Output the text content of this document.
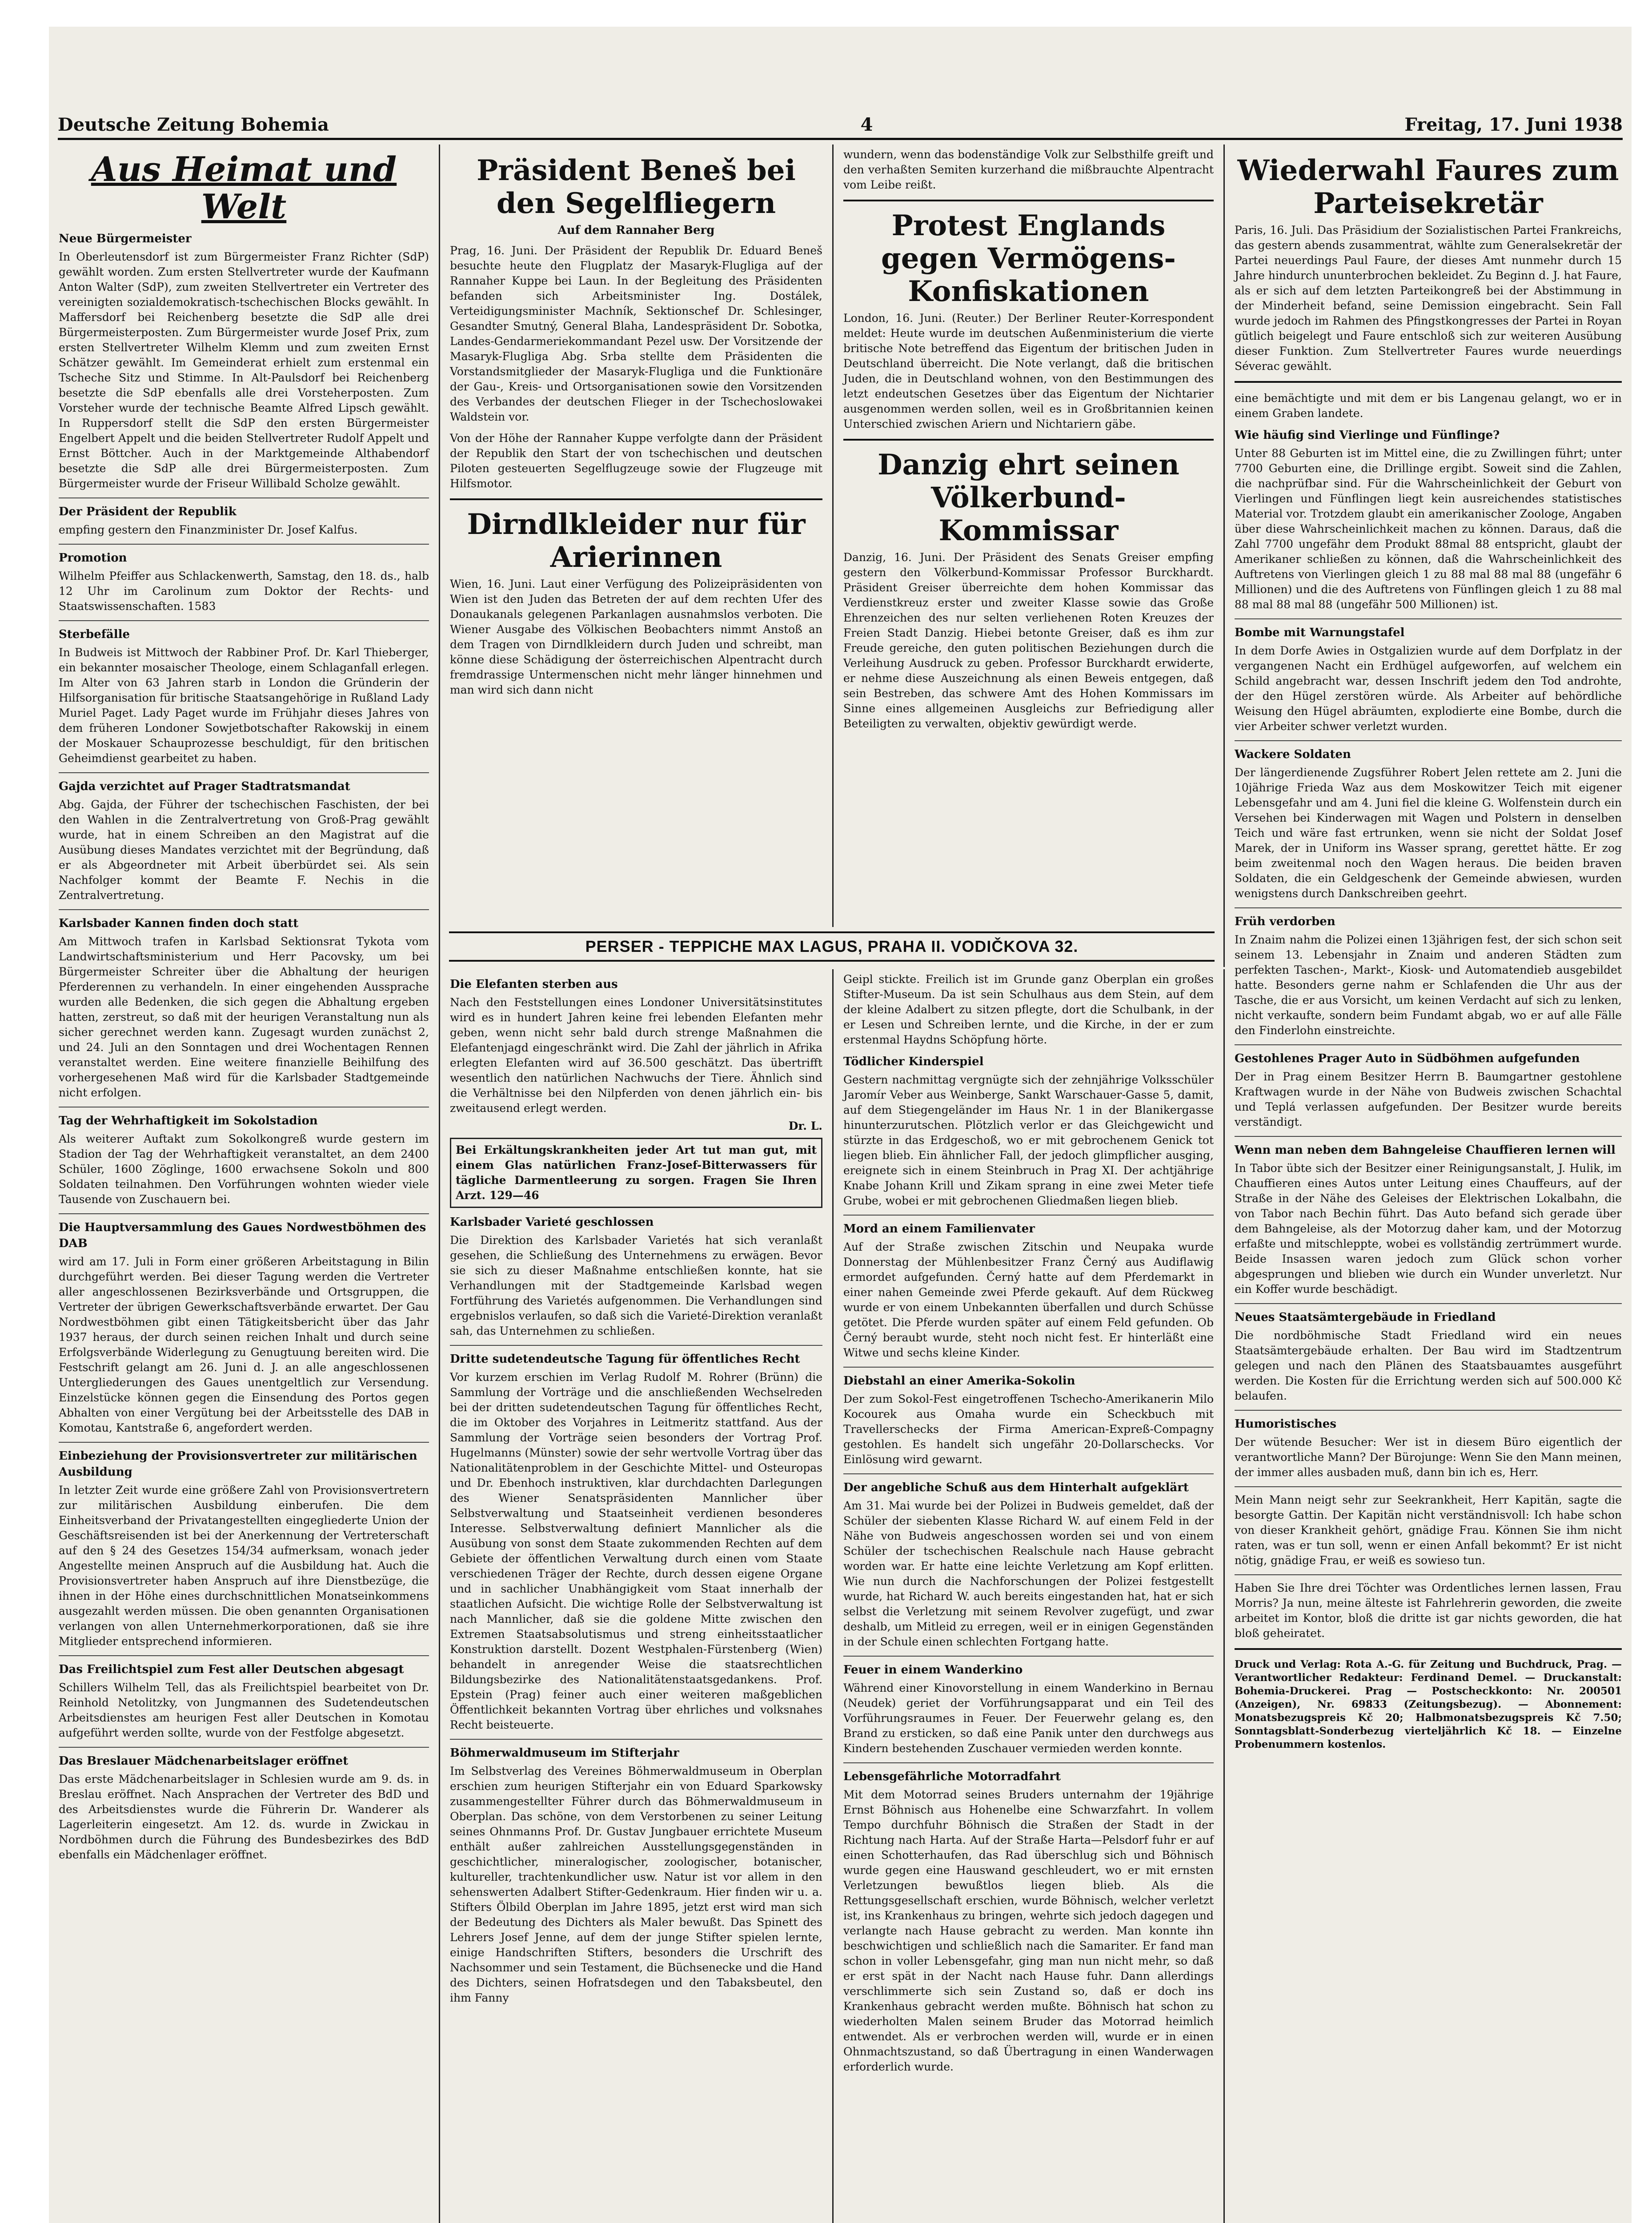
Deutsche Zeitung Bohemia	4	Freitag, 17. Juni 1938
Aus Heimat und Welt
Neue Bürgermeister

In Oberleutensdorf ist zum Bürgermeister Franz Richter (SdP) gewählt worden. Zum ersten Stellvertreter wurde der Kaufmann Anton Walter (SdP), zum zweiten Stellvertreter ein Vertreter des vereinigten sozialdemokratisch-tschechischen Blocks gewählt. In Maffersdorf bei Reichenberg besetzte die SdP alle drei Bürgermeisterposten. Zum Bürgermeister wurde Josef Prix, zum ersten Stellvertreter Wilhelm Klemm und zum zweiten Ernst Schätzer gewählt. Im Gemeinderat erhielt zum erstenmal ein Tscheche Sitz und Stimme. In Alt-Paulsdorf bei Reichenberg besetzte die SdP ebenfalls alle drei Vorsteherposten. Zum Vorsteher wurde der technische Beamte Alfred Lipsch gewählt. In Ruppersdorf stellt die SdP den ersten Bürgermeister Engelbert Appelt und die beiden Stellvertreter Rudolf Appelt und Ernst Böttcher. Auch in der Marktgemeinde Althabendorf besetzte die SdP alle drei Bürgermeisterposten. Zum Bürgermeister wurde der Friseur Willibald Scholze gewählt.

Der Präsident der Republik

empfing gestern den Finanzminister Dr. Josef Kalfus.

Promotion

Wilhelm Pfeiffer aus Schlackenwerth, Samstag, den 18. ds., halb 12 Uhr im Carolinum zum Doktor der Rechts- und Staatswissenschaften. 1583

Sterbefälle

In Budweis ist Mittwoch der Rabbiner Prof. Dr. Karl Thieberger, ein bekannter mosaischer Theologe, einem Schlaganfall erlegen. Im Alter von 63 Jahren starb in London die Gründerin der Hilfsorganisation für britische Staatsangehörige in Rußland Lady Muriel Paget. Lady Paget wurde im Frühjahr dieses Jahres von dem früheren Londoner Sowjetbotschafter Rakowskij in einem der Moskauer Schauprozesse beschuldigt, für den britischen Geheimdienst gearbeitet zu haben.

Gajda verzichtet auf Prager Stadtratsmandat

Abg. Gajda, der Führer der tschechischen Faschisten, der bei den Wahlen in die Zentralvertretung von Groß-Prag gewählt wurde, hat in einem Schreiben an den Magistrat auf die Ausübung dieses Mandates verzichtet mit der Begründung, daß er als Abgeordneter mit Arbeit überbürdet sei. Als sein Nachfolger kommt der Beamte F. Nechis in die Zentralvertretung.

Karlsbader Kannen finden doch statt

Am Mittwoch trafen in Karlsbad Sektionsrat Tykota vom Landwirtschaftsministerium und Herr Pacovsky, um bei Bürgermeister Schreiter über die Abhaltung der heurigen Pferderennen zu verhandeln. In einer eingehenden Aussprache wurden alle Bedenken, die sich gegen die Abhaltung ergeben hatten, zerstreut, so daß mit der heurigen Veranstaltung nun als sicher gerechnet werden kann. Zugesagt wurden zunächst 2, und 24. Juli an den Sonntagen und drei Wochentagen Rennen veranstaltet werden. Eine weitere finanzielle Beihilfung des vorhergesehenen Maß wird für die Karlsbader Stadtgemeinde nicht erfolgen.

Tag der Wehrhaftigkeit im Sokolstadion

Als weiterer Auftakt zum Sokolkongreß wurde gestern im Stadion der Tag der Wehrhaftigkeit veranstaltet, an dem 2400 Schüler, 1600 Zöglinge, 1600 erwachsene Sokoln und 800 Soldaten teilnahmen. Den Vorführungen wohnten wieder viele Tausende von Zuschauern bei.

Die Hauptversammlung des Gaues Nordwestböhmen des DAB

wird am 17. Juli in Form einer größeren Arbeitstagung in Bilin durchgeführt werden. Bei dieser Tagung werden die Vertreter aller angeschlossenen Bezirksverbände und Ortsgruppen, die Vertreter der übrigen Gewerkschaftsverbände erwartet. Der Gau Nordwestböhmen gibt einen Tätigkeitsbericht über das Jahr 1937 heraus, der durch seinen reichen Inhalt und durch seine Erfolgsverbände Widerlegung zu Genugtuung bereiten wird. Die Festschrift gelangt am 26. Juni d. J. an alle angeschlossenen Untergliederungen des Gaues unentgeltlich zur Versendung. Einzelstücke können gegen die Einsendung des Portos gegen Abhalten von einer Vergütung bei der Arbeitsstelle des DAB in Komotau, Kantstraße 6, angefordert werden.

Einbeziehung der Provisionsvertreter zur militärischen Ausbildung

In letzter Zeit wurde eine größere Zahl von Provisionsvertretern zur militärischen Ausbildung einberufen. Die dem Einheitsverband der Privatangestellten eingegliederte Union der Geschäftsreisenden ist bei der Anerkennung der Vertreterschaft auf den § 24 des Gesetzes 154/34 aufmerksam, wonach jeder Angestellte meinen Anspruch auf die Ausbildung hat. Auch die Provisionsvertreter haben Anspruch auf ihre Dienstbezüge, die ihnen in der Höhe eines durchschnittlichen Monatseinkommens ausgezahlt werden müssen. Die oben genannten Organisationen verlangen von allen Unternehmerkorporationen, daß sie ihre Mitglieder entsprechend informieren.

Das Freilichtspiel zum Fest aller Deutschen abgesagt

Schillers Wilhelm Tell, das als Freilichtspiel bearbeitet von Dr. Reinhold Netolitzky, von Jungmannen des Sudetendeutschen Arbeitsdienstes am heurigen Fest aller Deutschen in Komotau aufgeführt werden sollte, wurde von der Festfolge abgesetzt.

Das Breslauer Mädchenarbeitslager eröffnet

Das erste Mädchenarbeitslager in Schlesien wurde am 9. ds. in Breslau eröffnet. Nach Ansprachen der Vertreter des BdD und des Arbeitsdienstes wurde die Führerin Dr. Wanderer als Lagerleiterin eingesetzt. Am 12. ds. wurde in Zwickau in Nordböhmen durch die Führung des Bundesbezirkes des BdD ebenfalls ein Mädchenlager eröffnet.

Präsident Beneš bei den Segelfliegern
Auf dem Rannaher Berg

Prag, 16. Juni. Der Präsident der Republik Dr. Eduard Beneš besuchte heute den Flugplatz der Masaryk-Flugliga auf der Rannaher Kuppe bei Laun. In der Begleitung des Präsidenten befanden sich Arbeitsminister Ing. Dostálek, Verteidigungsminister Machník, Sektionschef Dr. Schlesinger, Gesandter Smutný, General Blaha, Landespräsident Dr. Sobotka, Landes-Gendarmeriekommandant Pezel usw. Der Vorsitzende der Masaryk-Flugliga Abg. Srba stellte dem Präsidenten die Vorstandsmitglieder der Masaryk-Flugliga und die Funktionäre der Gau-, Kreis- und Ortsorganisationen sowie den Vorsitzenden des Verbandes der deutschen Flieger in der Tschechoslowakei Waldstein vor.

Von der Höhe der Rannaher Kuppe verfolgte dann der Präsident der Republik den Start der von tschechischen und deutschen Piloten gesteuerten Segelflugzeuge sowie der Flugzeuge mit Hilfsmotor.

Dirndlkleider nur für Arierinnen

Wien, 16. Juni. Laut einer Verfügung des Polizeipräsidenten von Wien ist den Juden das Betreten der auf dem rechten Ufer des Donaukanals gelegenen Parkanlagen ausnahmslos verboten. Die Wiener Ausgabe des Völkischen Beobachters nimmt Anstoß an dem Tragen von Dirndlkleidern durch Juden und schreibt, man könne diese Schädigung der österreichischen Alpentracht durch fremdrassige Untermenschen nicht mehr länger hinnehmen und man wird sich dann nicht

wundern, wenn das bodenständige Volk zur Selbsthilfe greift und den verhaßten Semiten kurzerhand die mißbrauchte Alpentracht vom Leibe reißt.

Protest Englands gegen Vermögens-Konfiskationen

London, 16. Juni. (Reuter.) Der Berliner Reuter-Korrespondent meldet: Heute wurde im deutschen Außenministerium die vierte britische Note betreffend das Eigentum der britischen Juden in Deutschland überreicht. Die Note verlangt, daß die britischen Juden, die in Deutschland wohnen, von den Bestimmungen des letzt endeutschen Gesetzes über das Eigentum der Nichtarier ausgenommen werden sollen, weil es in Großbritannien keinen Unterschied zwischen Ariern und Nichtariern gäbe.

Danzig ehrt seinen Völkerbund-Kommissar

Danzig, 16. Juni. Der Präsident des Senats Greiser empfing gestern den Völkerbund-Kommissar Professor Burckhardt. Präsident Greiser überreichte dem hohen Kommissar das Verdienstkreuz erster und zweiter Klasse sowie das Große Ehrenzeichen des nur selten verliehenen Roten Kreuzes der Freien Stadt Danzig. Hiebei betonte Greiser, daß es ihm zur Freude gereiche, den guten politischen Beziehungen durch die Verleihung Ausdruck zu geben. Professor Burckhardt erwiderte, er nehme diese Auszeichnung als einen Beweis entgegen, daß sein Bestreben, das schwere Amt des Hohen Kommissars im Sinne eines allgemeinen Ausgleichs zur Befriedigung aller Beteiligten zu verwalten, objektiv gewürdigt werde.

PERSER - TEPPICHE MAX LAGUS, PRAHA II. VODIČKOVA 32.
Die Elefanten sterben aus

Nach den Feststellungen eines Londoner Universitätsinstitutes wird es in hundert Jahren keine frei lebenden Elefanten mehr geben, wenn nicht sehr bald durch strenge Maßnahmen die Elefantenjagd eingeschränkt wird. Die Zahl der jährlich in Afrika erlegten Elefanten wird auf 36.500 geschätzt. Das übertrifft wesentlich den natürlichen Nachwuchs der Tiere. Ähnlich sind die Verhältnisse bei den Nilpferden von denen jährlich ein- bis zweitausend erlegt werden.

Dr. L.

Bei Erkältungskrankheiten jeder Art tut man gut, mit einem Glas natürlichen Franz-Josef-Bitterwassers für tägliche Darmentleerung zu sorgen. Fragen Sie Ihren Arzt. 129—46

Karlsbader Varieté geschlossen

Die Direktion des Karlsbader Varietés hat sich veranlaßt gesehen, die Schließung des Unternehmens zu erwägen. Bevor sie sich zu dieser Maßnahme entschließen konnte, hat sie Verhandlungen mit der Stadtgemeinde Karlsbad wegen Fortführung des Varietés aufgenommen. Die Verhandlungen sind ergebnislos verlaufen, so daß sich die Varieté-Direktion veranlaßt sah, das Unternehmen zu schließen.

Dritte sudetendeutsche Tagung für öffentliches Recht

Vor kurzem erschien im Verlag Rudolf M. Rohrer (Brünn) die Sammlung der Vorträge und die anschließenden Wechselreden bei der dritten sudetendeutschen Tagung für öffentliches Recht, die im Oktober des Vorjahres in Leitmeritz stattfand. Aus der Sammlung der Vorträge seien besonders der Vortrag Prof. Hugelmanns (Münster) sowie der sehr wertvolle Vortrag über das Nationalitätenproblem in der Geschichte Mittel- und Osteuropas und Dr. Ebenhoch instruktiven, klar durchdachten Darlegungen des Wiener Senatspräsidenten Mannlicher über Selbstverwaltung und Staatseinheit verdienen besonderes Interesse. Selbstverwaltung definiert Mannlicher als die Ausübung von sonst dem Staate zukommenden Rechten auf dem Gebiete der öffentlichen Verwaltung durch einen vom Staate verschiedenen Träger der Rechte, durch dessen eigene Organe und in sachlicher Unabhängigkeit vom Staat innerhalb der staatlichen Aufsicht. Die wichtige Rolle der Selbstverwaltung ist nach Mannlicher, daß sie die goldene Mitte zwischen den Extremen Staatsabsolutismus und streng einheitsstaatlicher Konstruktion darstellt. Dozent Westphalen-Fürstenberg (Wien) behandelt in anregender Weise die staatsrechtlichen Bildungsbezirke des Nationalitätenstaatsgedankens. Prof. Epstein (Prag) feiner auch einer weiteren maßgeblichen Öffentlichkeit bekannten Vortrag über ehrliches und volksnahes Recht beisteuerte.

Böhmerwaldmuseum im Stifterjahr

Im Selbstverlag des Vereines Böhmerwaldmuseum in Oberplan erschien zum heurigen Stifterjahr ein von Eduard Sparkowsky zusammengestellter Führer durch das Böhmerwaldmuseum in Oberplan. Das schöne, von dem Verstorbenen zu seiner Leitung seines Ohnmanns Prof. Dr. Gustav Jungbauer errichtete Museum enthält außer zahlreichen Ausstellungsgegenständen in geschichtlicher, mineralogischer, zoologischer, botanischer, kultureller, trachtenkundlicher usw. Natur ist vor allem in den sehenswerten Adalbert Stifter-Gedenkraum. Hier finden wir u. a. Stifters Ölbild Oberplan im Jahre 1895, jetzt erst wird man sich der Bedeutung des Dichters als Maler bewußt. Das Spinett des Lehrers Josef Jenne, auf dem der junge Stifter spielen lernte, einige Handschriften Stifters, besonders die Urschrift des Nachsommer und sein Testament, die Büchsenecke und die Hand des Dichters, seinen Hofratsdegen und den Tabaksbeutel, den ihm Fanny

Geipl stickte. Freilich ist im Grunde ganz Oberplan ein großes Stifter-Museum. Da ist sein Schulhaus aus dem Stein, auf dem der kleine Adalbert zu sitzen pflegte, dort die Schulbank, in der er Lesen und Schreiben lernte, und die Kirche, in der er zum erstenmal Haydns Schöpfung hörte.

Tödlicher Kinderspiel

Gestern nachmittag vergnügte sich der zehnjährige Volksschüler Jaromír Veber aus Weinberge, Sankt Warschauer-Gasse 5, damit, auf dem Stiegengeländer im Haus Nr. 1 in der Blanikergasse hinunterzurutschen. Plötzlich verlor er das Gleichgewicht und stürzte in das Erdgeschoß, wo er mit gebrochenem Genick tot liegen blieb. Ein ähnlicher Fall, der jedoch glimpflicher ausging, ereignete sich in einem Steinbruch in Prag XI. Der achtjährige Knabe Johann Krill und Zikam sprang in eine zwei Meter tiefe Grube, wobei er mit gebrochenen Gliedmaßen liegen blieb.

Mord an einem Familienvater

Auf der Straße zwischen Zitschin und Neupaka wurde Donnerstag der Mühlenbesitzer Franz Černý aus Audiflawig ermordet aufgefunden. Černý hatte auf dem Pferdemarkt in einer nahen Gemeinde zwei Pferde gekauft. Auf dem Rückweg wurde er von einem Unbekannten überfallen und durch Schüsse getötet. Die Pferde wurden später auf einem Feld gefunden. Ob Černý beraubt wurde, steht noch nicht fest. Er hinterläßt eine Witwe und sechs kleine Kinder.

Diebstahl an einer Amerika-Sokolin

Der zum Sokol-Fest eingetroffenen Tschecho-Amerikanerin Milo Kocourek aus Omaha wurde ein Scheckbuch mit Travellerschecks der Firma American-Expreß-Compagny gestohlen. Es handelt sich ungefähr 20-Dollarschecks. Vor Einlösung wird gewarnt.

Der angebliche Schuß aus dem Hinterhalt aufgeklärt

Am 31. Mai wurde bei der Polizei in Budweis gemeldet, daß der Schüler der siebenten Klasse Richard W. auf einem Feld in der Nähe von Budweis angeschossen worden sei und von einem Schüler der tschechischen Realschule nach Hause gebracht worden war. Er hatte eine leichte Verletzung am Kopf erlitten. Wie nun durch die Nachforschungen der Polizei festgestellt wurde, hat Richard W. auch bereits eingestanden hat, hat er sich selbst die Verletzung mit seinem Revolver zugefügt, und zwar deshalb, um Mitleid zu erregen, weil er in einigen Gegenständen in der Schule einen schlechten Fortgang hatte.

Feuer in einem Wanderkino

Während einer Kinovorstellung in einem Wanderkino in Bernau (Neudek) geriet der Vorführungsapparat und ein Teil des Vorführungsraumes in Feuer. Der Feuerwehr gelang es, den Brand zu ersticken, so daß eine Panik unter den durchwegs aus Kindern bestehenden Zuschauer vermieden werden konnte.

Lebensgefährliche Motorradfahrt

Mit dem Motorrad seines Bruders unternahm der 19jährige Ernst Böhnisch aus Hohenelbe eine Schwarzfahrt. In vollem Tempo durchfuhr Böhnisch die Straßen der Stadt in der Richtung nach Harta. Auf der Straße Harta—Pelsdorf fuhr er auf einen Schotterhaufen, das Rad überschlug sich und Böhnisch wurde gegen eine Hauswand geschleudert, wo er mit ernsten Verletzungen bewußtlos liegen blieb. Als die Rettungsgesellschaft erschien, wurde Böhnisch, welcher verletzt ist, ins Krankenhaus zu bringen, wehrte sich jedoch dagegen und verlangte nach Hause gebracht zu werden. Man konnte ihn beschwichtigen und schließlich nach die Samariter. Er fand man schon in voller Lebensgefahr, ging man nun nicht mehr, so daß er erst spät in der Nacht nach Hause fuhr. Dann allerdings verschlimmerte sich sein Zustand so, daß er doch ins Krankenhaus gebracht werden mußte. Böhnisch hat schon zu wiederholten Malen seinem Bruder das Motorrad heimlich entwendet. Als er verbrochen werden will, wurde er in einen Ohnmachtszustand, so daß Übertragung in einen Wanderwagen erforderlich wurde.

Wiederwahl Faures zum Parteisekretär

Paris, 16. Juli. Das Präsidium der Sozialistischen Partei Frankreichs, das gestern abends zusammentrat, wählte zum Generalsekretär der Partei neuerdings Paul Faure, der dieses Amt nunmehr durch 15 Jahre hindurch ununterbrochen bekleidet. Zu Beginn d. J. hat Faure, als er sich auf dem letzten Parteikongreß bei der Abstimmung in der Minderheit befand, seine Demission eingebracht. Sein Fall wurde jedoch im Rahmen des Pfingstkongresses der Partei in Royan gütlich beigelegt und Faure entschloß sich zur weiteren Ausübung dieser Funktion. Zum Stellvertreter Faures wurde neuerdings Séverac gewählt.

eine bemächtigte und mit dem er bis Langenau gelangt, wo er in einem Graben landete.

Wie häufig sind Vierlinge und Fünflinge?

Unter 88 Geburten ist im Mittel eine, die zu Zwillingen führt; unter 7700 Geburten eine, die Drillinge ergibt. Soweit sind die Zahlen, die nachprüfbar sind. Für die Wahrscheinlichkeit der Geburt von Vierlingen und Fünflingen liegt kein ausreichendes statistisches Material vor. Trotzdem glaubt ein amerikanischer Zoologe, Angaben über diese Wahrscheinlichkeit machen zu können. Daraus, daß die Zahl 7700 ungefähr dem Produkt 88mal 88 entspricht, glaubt der Amerikaner schließen zu können, daß die Wahrscheinlichkeit des Auftretens von Vierlingen gleich 1 zu 88 mal 88 mal 88 (ungefähr 6 Millionen) und die des Auftretens von Fünflingen gleich 1 zu 88 mal 88 mal 88 mal 88 (ungefähr 500 Millionen) ist.

Bombe mit Warnungstafel

In dem Dorfe Awies in Ostgalizien wurde auf dem Dorfplatz in der vergangenen Nacht ein Erdhügel aufgeworfen, auf welchem ein Schild angebracht war, dessen Inschrift jedem den Tod androhte, der den Hügel zerstören würde. Als Arbeiter auf behördliche Weisung den Hügel abräumten, explodierte eine Bombe, durch die vier Arbeiter schwer verletzt wurden.

Wackere Soldaten

Der längerdienende Zugsführer Robert Jelen rettete am 2. Juni die 10jährige Frieda Waz aus dem Moskowitzer Teich mit eigener Lebensgefahr und am 4. Juni fiel die kleine G. Wolfenstein durch ein Versehen bei Kinderwagen mit Wagen und Polstern in denselben Teich und wäre fast ertrunken, wenn sie nicht der Soldat Josef Marek, der in Uniform ins Wasser sprang, gerettet hätte. Er zog beim zweitenmal noch den Wagen heraus. Die beiden braven Soldaten, die ein Geldgeschenk der Gemeinde abwiesen, wurden wenigstens durch Dankschreiben geehrt.

Früh verdorben

In Znaim nahm die Polizei einen 13jährigen fest, der sich schon seit seinem 13. Lebensjahr in Znaim und anderen Städten zum perfekten Taschen-, Markt-, Kiosk- und Automatendieb ausgebildet hatte. Besonders gerne nahm er Schlafenden die Uhr aus der Tasche, die er aus Vorsicht, um keinen Verdacht auf sich zu lenken, nicht verkaufte, sondern beim Fundamt abgab, wo er auf alle Fälle den Finderlohn einstreichte.

Gestohlenes Prager Auto in Südböhmen aufgefunden

Der in Prag einem Besitzer Herrn B. Baumgartner gestohlene Kraftwagen wurde in der Nähe von Budweis zwischen Schachtal und Teplá verlassen aufgefunden. Der Besitzer wurde bereits verständigt.

Wenn man neben dem Bahngeleise Chauffieren lernen will

In Tabor übte sich der Besitzer einer Reinigungsanstalt, J. Hulik, im Chauffieren eines Autos unter Leitung eines Chauffeurs, auf der Straße in der Nähe des Geleises der Elektrischen Lokalbahn, die von Tabor nach Bechin führt. Das Auto befand sich gerade über dem Bahngeleise, als der Motorzug daher kam, und der Motorzug erfaßte und mitschleppte, wobei es vollständig zertrümmert wurde. Beide Insassen waren jedoch zum Glück schon vorher abgesprungen und blieben wie durch ein Wunder unverletzt. Nur ein Koffer wurde beschädigt.

Neues Staatsämtergebäude in Friedland

Die nordböhmische Stadt Friedland wird ein neues Staatsämtergebäude erhalten. Der Bau wird im Stadtzentrum gelegen und nach den Plänen des Staatsbauamtes ausgeführt werden. Die Kosten für die Errichtung werden sich auf 500.000 Kč belaufen.

Humoristisches

Der wütende Besucher: Wer ist in diesem Büro eigentlich der verantwortliche Mann? Der Bürojunge: Wenn Sie den Mann meinen, der immer alles ausbaden muß, dann bin ich es, Herr.

Mein Mann neigt sehr zur Seekrankheit, Herr Kapitän, sagte die besorgte Gattin. Der Kapitän nicht verständnisvoll: Ich habe schon von dieser Krankheit gehört, gnädige Frau. Können Sie ihm nicht raten, was er tun soll, wenn er einen Anfall bekommt? Er ist nicht nötig, gnädige Frau, er weiß es sowieso tun.

Haben Sie Ihre drei Töchter was Ordentliches lernen lassen, Frau Morris? Ja nun, meine älteste ist Fahrlehrerin geworden, die zweite arbeitet im Kontor, bloß die dritte ist gar nichts geworden, die hat bloß geheiratet.

Druck und Verlag: Rota A.-G. für Zeitung und Buchdruck, Prag. — Verantwortlicher Redakteur: Ferdinand Demel. — Druckanstalt: Bohemia-Druckerei. Prag — Postscheckkonto: Nr. 200501 (Anzeigen), Nr. 69833 (Zeitungsbezug). — Abonnement: Monatsbezugspreis Kč 20; Halbmonatsbezugspreis Kč 7.50; Sonntagsblatt-Sonderbezug vierteljährlich Kč 18. — Einzelne Probenummern kostenlos.
